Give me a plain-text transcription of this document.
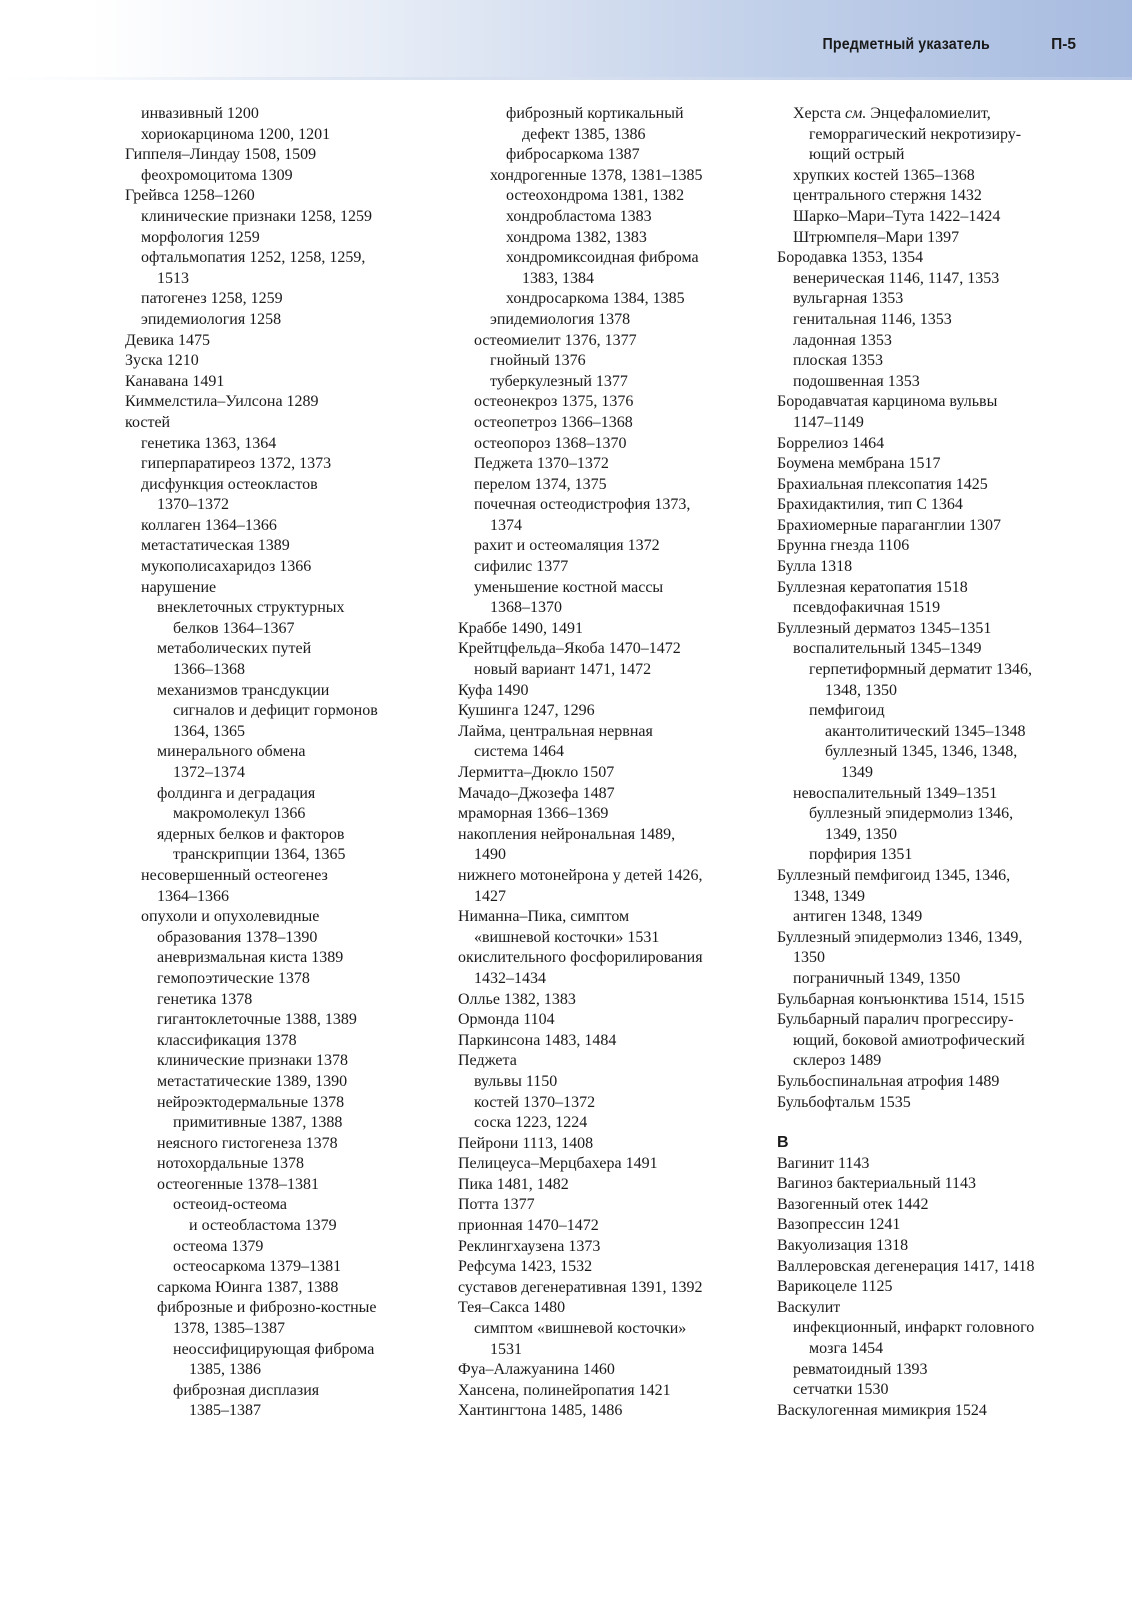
Предметный указатель	П-5
инвазивный 1200
хориокарцинома 1200, 1201
Гиппеля–Линдау 1508, 1509
феохромоцитома 1309
Грейвса 1258–1260
клинические признаки 1258, 1259
морфология 1259
офтальмопатия 1252, 1258, 1259,
1513
патогенез 1258, 1259
эпидемиология 1258
Девика 1475
Зуска 1210
Канавана 1491
Киммелстила–Уилсона 1289
костей
генетика 1363, 1364
гиперпаратиреоз 1372, 1373
дисфункция остеокластов
1370–1372
коллаген 1364–1366
метастатическая 1389
мукополисахаридоз 1366
нарушение
внеклеточных структурных
белков 1364–1367
метаболических путей
1366–1368
механизмов трансдукции
сигналов и дефицит гормонов
1364, 1365
минерального обмена
1372–1374
фолдинга и деградация
макромолекул 1366
ядерных белков и факторов
транскрипции 1364, 1365
несовершенный остеогенез
1364–1366
опухоли и опухолевидные
образования 1378–1390
аневризмальная киста 1389
гемопоэтические 1378
генетика 1378
гигантоклеточные 1388, 1389
классификация 1378
клинические признаки 1378
метастатические 1389, 1390
нейроэктодермальные 1378
примитивные 1387, 1388
неясного гистогенеза 1378
нотохордальные 1378
остеогенные 1378–1381
остеоид-остеома
и остеобластома 1379
остеома 1379
остеосаркома 1379–1381
саркома Юинга 1387, 1388
фиброзные и фиброзно-костные
1378, 1385–1387
неоссифицирующая фиброма
1385, 1386
фиброзная дисплазия
1385–1387
фиброзный кортикальный
дефект 1385, 1386
фибросаркома 1387
хондрогенные 1378, 1381–1385
остеохондрома 1381, 1382
хондробластома 1383
хондрома 1382, 1383
хондромиксоидная фиброма
1383, 1384
хондросаркома 1384, 1385
эпидемиология 1378
остеомиелит 1376, 1377
гнойный 1376
туберкулезный 1377
остеонекроз 1375, 1376
остеопетроз 1366–1368
остеопороз 1368–1370
Педжета 1370–1372
перелом 1374, 1375
почечная остеодистрофия 1373,
1374
рахит и остеомаляция 1372
сифилис 1377
уменьшение костной массы
1368–1370
Краббе 1490, 1491
Крейтцфельда–Якоба 1470–1472
новый вариант 1471, 1472
Куфа 1490
Кушинга 1247, 1296
Лайма, центральная нервная
система 1464
Лермитта–Дюкло 1507
Мачадо–Джозефа 1487
мраморная 1366–1369
накопления нейрональная 1489,
1490
нижнего мотонейрона у детей 1426,
1427
Ниманна–Пика, симптом
«вишневой косточки» 1531
окислительного фосфорилирования
1432–1434
Оллье 1382, 1383
Ормонда 1104
Паркинсона 1483, 1484
Педжета
вульвы 1150
костей 1370–1372
соска 1223, 1224
Пейрони 1113, 1408
Пелицеуса–Мерцбахера 1491
Пика 1481, 1482
Потта 1377
прионная 1470–1472
Реклингхаузена 1373
Рефсума 1423, 1532
суставов дегенеративная 1391, 1392
Тея–Сакса 1480
симптом «вишневой косточки»
1531
Фуа–Алажуанина 1460
Хансена, полинейропатия 1421
Хантингтона 1485, 1486
Херста см. Энцефаломиелит,
геморрагический некротизиру-
ющий острый
хрупких костей 1365–1368
центрального стержня 1432
Шарко–Мари–Тута 1422–1424
Штрюмпеля–Мари 1397
Бородавка 1353, 1354
венерическая 1146, 1147, 1353
вульгарная 1353
генитальная 1146, 1353
ладонная 1353
плоская 1353
подошвенная 1353
Бородавчатая карцинома вульвы
1147–1149
Боррелиоз 1464
Боумена мембрана 1517
Брахиальная плексопатия 1425
Брахидактилия, тип С 1364
Брахиомерные параганглии 1307
Брунна гнезда 1106
Булла 1318
Буллезная кератопатия 1518
псевдофакичная 1519
Буллезный дерматоз 1345–1351
воспалительный 1345–1349
герпетиформный дерматит 1346,
1348, 1350
пемфигоид
акантолитический 1345–1348
буллезный 1345, 1346, 1348,
1349
невоспалительный 1349–1351
буллезный эпидермолиз 1346,
1349, 1350
порфирия 1351
Буллезный пемфигоид 1345, 1346,
1348, 1349
антиген 1348, 1349
Буллезный эпидермолиз 1346, 1349,
1350
пограничный 1349, 1350
Бульбарная конъюнктива 1514, 1515
Бульбарный паралич прогрессиру-
ющий, боковой амиотрофический
склероз 1489
Бульбоспинальная атрофия 1489
Бульбофтальм 1535
В
Вагинит 1143
Вагиноз бактериальный 1143
Вазогенный отек 1442
Вазопрессин 1241
Вакуолизация 1318
Валлеровская дегенерация 1417, 1418
Варикоцеле 1125
Васкулит
инфекционный, инфаркт головного
мозга 1454
ревматоидный 1393
сетчатки 1530
Васкулогенная мимикрия 1524
